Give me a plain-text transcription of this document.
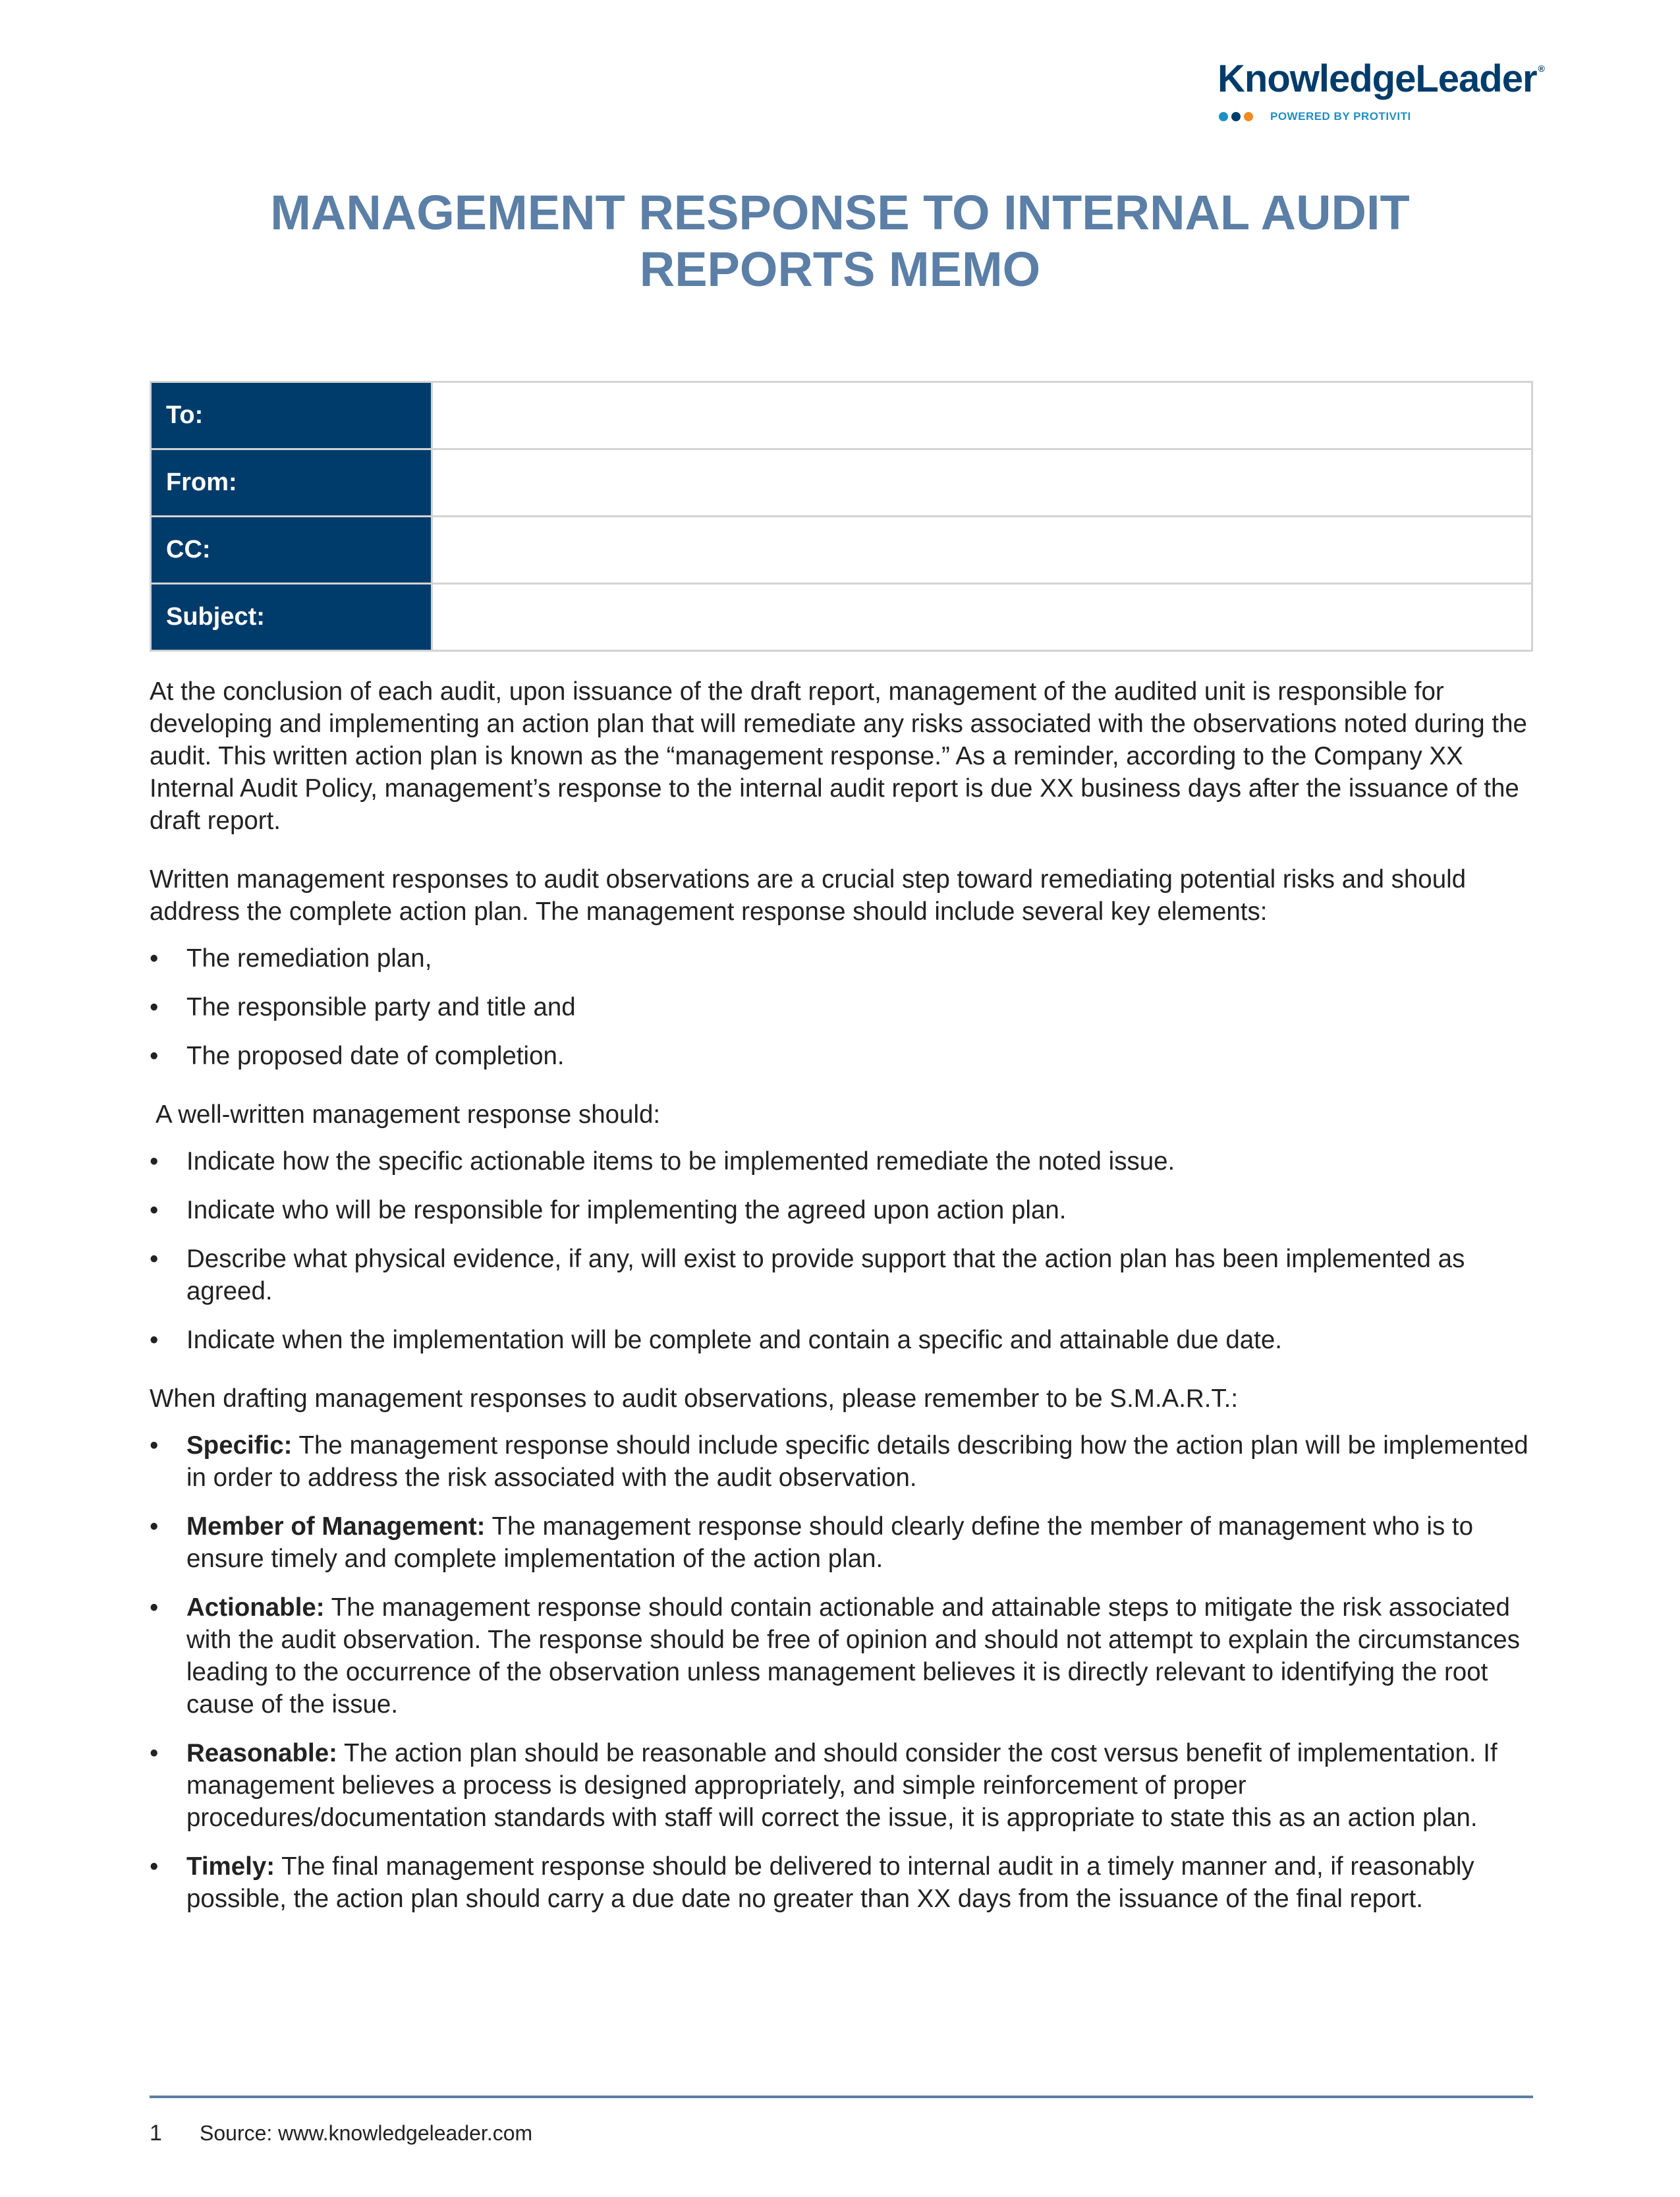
KnowledgeLeader ®
POWERED BY PROTIVITI
MANAGEMENT RESPONSE TO INTERNAL AUDIT
REPORTS MEMO
To:	
From:	
CC:	
Subject:	

At the conclusion of each audit, upon issuance of the draft report, management of the audited unit is responsible for developing and implementing an action plan that will remediate any risks associated with the observations noted during the audit. This written action plan is known as the “management response.” As a reminder, according to the Company XX Internal Audit Policy, management’s response to the internal audit report is due XX business days after the issuance of the draft report.

Written management responses to audit observations are a crucial step toward remediating potential risks and should address the complete action plan. The management response should include several key elements:

• The remediation plan,
• The responsible party and title and
• The proposed date of completion.

A well-written management response should:

• Indicate how the specific actionable items to be implemented remediate the noted issue.
• Indicate who will be responsible for implementing the agreed upon action plan.
• Describe what physical evidence, if any, will exist to provide support that the action plan has been implemented as agreed.
• Indicate when the implementation will be complete and contain a specific and attainable due date.

When drafting management responses to audit observations, please remember to be S.M.A.R.T.:

• Specific: The management response should include specific details describing how the action plan will be implemented in order to address the risk associated with the audit observation.
• Member of Management: The management response should clearly define the member of management who is to ensure timely and complete implementation of the action plan.
• Actionable: The management response should contain actionable and attainable steps to mitigate the risk associated with the audit observation. The response should be free of opinion and should not attempt to explain the circumstances leading to the occurrence of the observation unless management believes it is directly relevant to identifying the root cause of the issue.
• Reasonable: The action plan should be reasonable and should consider the cost versus benefit of implementation. If management believes a process is designed appropriately, and simple reinforcement of proper procedures/documentation standards with staff will correct the issue, it is appropriate to state this as an action plan.
• Timely: The final management response should be delivered to internal audit in a timely manner and, if reasonably possible, the action plan should carry a due date no greater than XX days from the issuance of the final report.
1 Source: www.knowledgeleader.com
